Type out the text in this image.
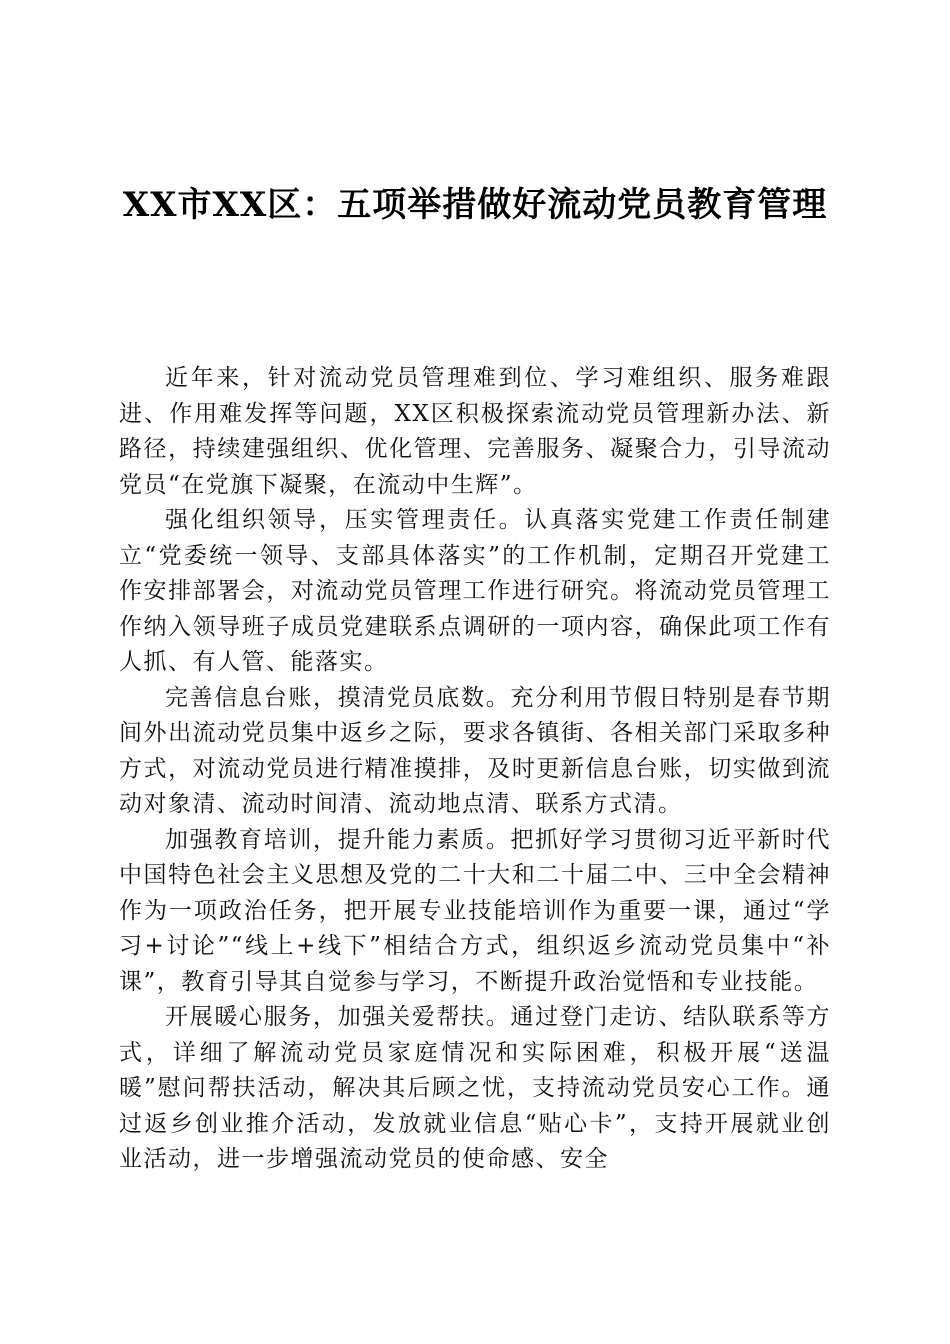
XX市XX区：五项举措做好流动党员教育管理

近年来，针对流动党员管理难到位、学习难组织、服务难跟进、作用难发挥等问题，XX区积极探索流动党员管理新办法、新路径，持续建强组织、优化管理、完善服务、凝聚合力，引导流动党员“在党旗下凝聚，在流动中生辉”。

强化组织领导，压实管理责任。认真落实党建工作责任制建立“党委统一领导、支部具体落实”的工作机制，定期召开党建工作安排部署会，对流动党员管理工作进行研究。将流动党员管理工作纳入领导班子成员党建联系点调研的一项内容，确保此项工作有人抓、有人管、能落实。

完善信息台账，摸清党员底数。充分利用节假日特别是春节期间外出流动党员集中返乡之际，要求各镇街、各相关部门采取多种方式，对流动党员进行精准摸排，及时更新信息台账，切实做到流动对象清、流动时间清、流动地点清、联系方式清。

加强教育培训，提升能力素质。把抓好学习贯彻习近平新时代中国特色社会主义思想及党的二十大和二十届二中、三中全会精神作为一项政治任务，把开展专业技能培训作为重要一课，通过“学习+讨论”“线上+线下”相结合方式，组织返乡流动党员集中“补课”，教育引导其自觉参与学习，不断提升政治觉悟和专业技能。

开展暖心服务，加强关爱帮扶。通过登门走访、结队联系等方式，详细了解流动党员家庭情况和实际困难，积极开展“送温暖”慰问帮扶活动，解决其后顾之忧，支持流动党员安心工作。通过返乡创业推介活动，发放就业信息“贴心卡”，支持开展就业创业活动，进一步增强流动党员的使命感、安全
